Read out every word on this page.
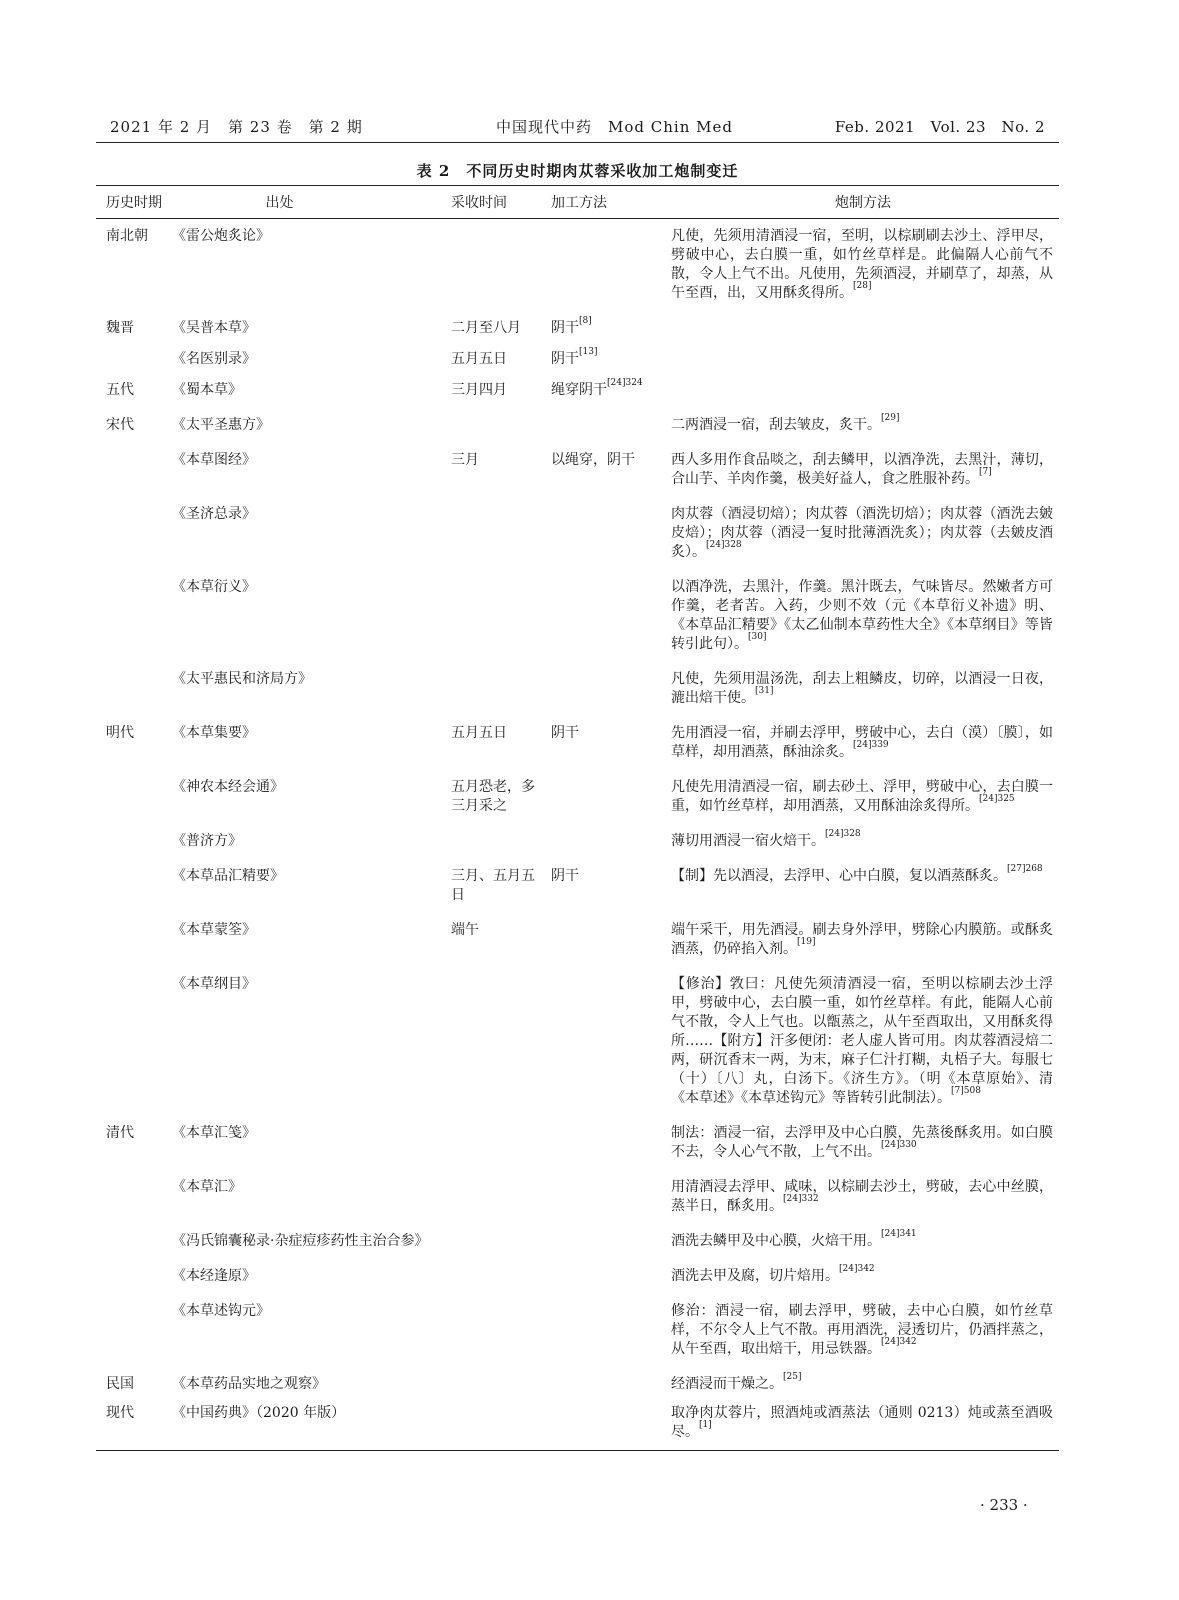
2021 年 2 月　第 23 卷　第 2 期	中国现代中药　Mod Chin Med	Feb. 2021　Vol. 23　No. 2
表 2　不同历史时期肉苁蓉采收加工炮制变迁
历史时期	出处	采收时间	加工方法	炮制方法
南北朝	《雷公炮炙论》			凡使，先须用清酒浸一宿，至明，以棕刷刷去沙土、浮甲尽，劈破中心，去白膜一重，如竹丝草样是。此偏隔人心前气不散，令人上气不出。凡使用，先须酒浸，并刷草了，却蒸，从午至酉，出，又用酥炙得所。[28]
魏晋	《吴普本草》	二月至八月	阴干[8]	
	《名医别录》	五月五日	阴干[13]	
五代	《蜀本草》	三月四月	绳穿阴干$^{[24]324}$	
宋代	《太平圣惠方》			二两酒浸一宿，刮去皱皮，炙干。[29]
	《本草图经》	三月	以绳穿，阴干	西人多用作食品啖之，刮去鳞甲，以酒净洗，去黑汁，薄切，合山芋、羊肉作羹，极美好益人，食之胜服补药。[7]
	《圣济总录》			肉苁蓉（酒浸切焙）；肉苁蓉（酒洗切焙）；肉苁蓉（酒洗去皴皮焙）；肉苁蓉（酒浸一复时批薄酒洗炙）；肉苁蓉（去皴皮酒炙）。$^{[24]328}$
	《本草衍义》			以酒净洗，去黑汁，作羹。黑汁既去，气味皆尽。然嫩者方可作羹，老者苦。入药，少则不效（元《本草衍义补遗》明、《本草品汇精要》《太乙仙制本草药性大全》《本草纲目》等皆转引此句）。[30]
	《太平惠民和济局方》			凡使，先须用温汤洗，刮去上粗鳞皮，切碎，以酒浸一日夜，漉出焙干使。[31]
明代	《本草集要》	五月五日	阴干	先用酒浸一宿，并刷去浮甲，劈破中心，去白（漠）〔膜〕，如草样，却用酒蒸，酥油涂炙。$^{[24]339}$
	《神农本经会通》	五月恐老，多三月采之		凡使先用清酒浸一宿，刷去砂土、浮甲，劈破中心，去白膜一重，如竹丝草样，却用酒蒸，又用酥油涂炙得所。$^{[24]325}$
	《普济方》			薄切用酒浸一宿火焙干。$^{[24]328}$
	《本草品汇精要》	三月、五月五日	阴干	【制】先以酒浸，去浮甲、心中白膜，复以酒蒸酥炙。$^{[27]268}$
	《本草蒙筌》	端午		端午采干，用先酒浸。刷去身外浮甲，劈除心内膜筋。或酥炙酒蒸，仍碎掐入剂。[19]
	《本草纲目》			【修治】敩曰：凡使先须清酒浸一宿，至明以棕刷去沙土浮甲，劈破中心，去白膜一重，如竹丝草样。有此，能隔人心前气不散，令人上气也。以甑蒸之，从午至酉取出，又用酥炙得所……【附方】汗多便闭：老人虚人皆可用。肉苁蓉酒浸焙二两，研沉香末一两，为末，麻子仁汁打糊，丸梧子大。每服七（十）〔八〕丸，白汤下。《济生方》。（明《本草原始》、清《本草述》《本草述钩元》等皆转引此制法）。$^{[7]508}$
清代	《本草汇笺》			制法：酒浸一宿，去浮甲及中心白膜，先蒸後酥炙用。如白膜不去，令人心气不散，上气不出。$^{[24]330}$
	《本草汇》			用清酒浸去浮甲、咸味，以棕刷去沙土，劈破，去心中丝膜，蒸半日，酥炙用。$^{[24]332}$
	《冯氏锦囊秘录·杂症痘疹药性主治合参》			酒洗去鳞甲及中心膜，火焙干用。$^{[24]341}$
	《本经逢原》			酒洗去甲及腐，切片焙用。$^{[24]342}$
	《本草述钩元》			修治：酒浸一宿，刷去浮甲，劈破，去中心白膜，如竹丝草样，不尔令人上气不散。再用酒洗，浸透切片，仍酒拌蒸之，从午至酉，取出焙干，用忌铁器。$^{[24]342}$
民国	《本草药品实地之观察》			经酒浸而干燥之。[25]
现代	《中国药典》（2020 年版）			取净肉苁蓉片，照酒炖或酒蒸法（通则 0213）炖或蒸至酒吸尽。[1]
· 233 ·
